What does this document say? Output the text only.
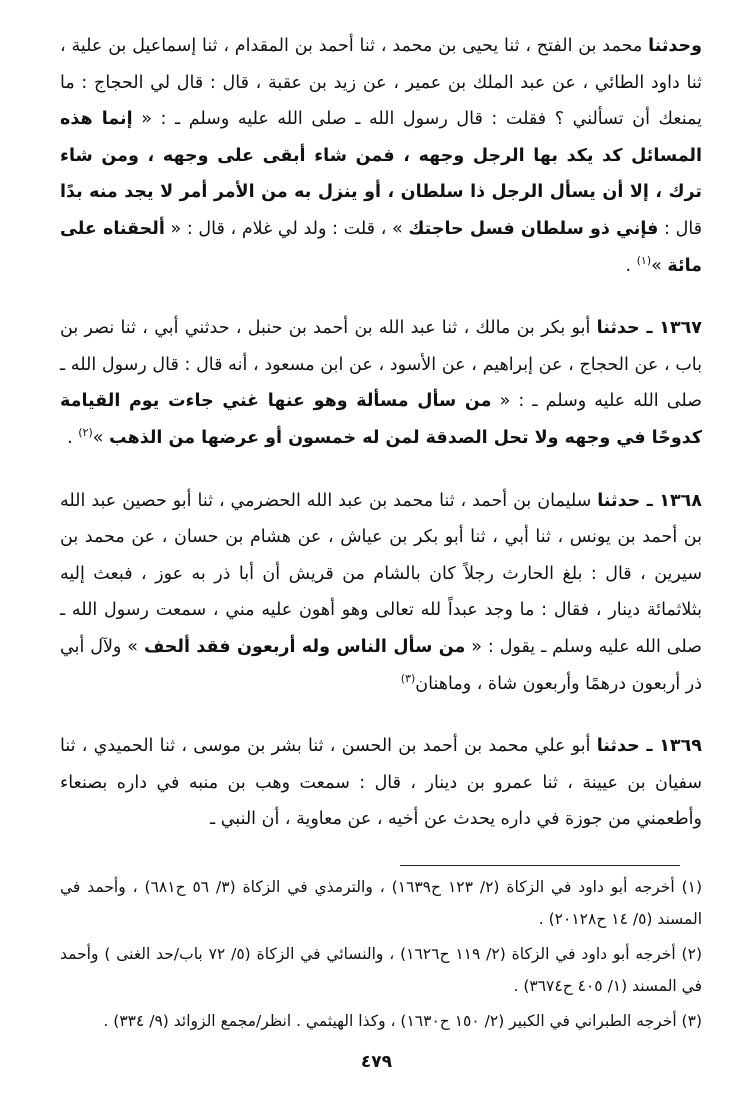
وحدثنا محمد بن الفتح ، ثنا يحيى بن محمد ، ثنا أحمد بن المقدام ، ثنا إسماعيل بن علية ، ثنا داود الطائي ، عن عبد الملك بن عمير ، عن زيد بن عقبة ، قال : قال لي الحجاج : ما يمنعك أن تسألني ؟ فقلت : قال رسول الله ـ صلى الله عليه وسلم ـ : « إنما هذه المسائل كد يكد بها الرجل وجهه ، فمن شاء أبقى على وجهه ، ومن شاء ترك ، إلا أن يسأل الرجل ذا سلطان ، أو ينزل به من الأمر أمر لا يجد منه بدًا قال : فإني ذو سلطان فسل حاجتك » ، قلت : ولد لي غلام ، قال : « ألحقناه على مائة »$^{(١)}$ .

١٣٦٧ ـ حدثنا أبو بكر بن مالك ، ثنا عبد الله بن أحمد بن حنبل ، حدثني أبي ، ثنا نصر بن باب ، عن الحجاج ، عن إبراهيم ، عن الأسود ، عن ابن مسعود ، أنه قال : قال رسول الله ـ صلى الله عليه وسلم ـ : « من سأل مسألة وهو عنها غني جاءت يوم القيامة كدوحًا في وجهه ولا تحل الصدقة لمن له خمسون أو عرضها من الذهب »$^{(٢)}$ .

١٣٦٨ ـ حدثنا سليمان بن أحمد ، ثنا محمد بن عبد الله الحضرمي ، ثنا أبو حصين عبد الله بن أحمد بن يونس ، ثنا أبي ، ثنا أبو بكر بن عياش ، عن هشام بن حسان ، عن محمد بن سيرين ، قال : بلغ الحارث رجلاً كان بالشام من قريش أن أبا ذر به عوز ، فبعث إليه بثلاثمائة دينار ، فقال : ما وجد عبداً لله تعالى وهو أهون عليه مني ، سمعت رسول الله ـ صلى الله عليه وسلم ـ يقول : « من سأل الناس وله أربعون فقد ألحف » ولآل أبي ذر أربعون درهمًا وأربعون شاة ، وماهنان$^{(٣)}$

١٣٦٩ ـ حدثنا أبو علي محمد بن أحمد بن الحسن ، ثنا بشر بن موسى ، ثنا الحميدي ، ثنا سفيان بن عيينة ، ثنا عمرو بن دينار ، قال : سمعت وهب بن منبه في داره بصنعاء وأطعمني من جوزة في داره يحدث عن أخيه ، عن معاوية ، أن النبي ـ

(١) أخرجه أبو داود في الزكاة (٢/ ١٢٣ ح١٦٣٩) ، والترمذي في الزكاة (٣/ ٥٦ ح٦٨١) ، وأحمد في المسند (٥/ ١٤ ح٢٠١٢٨) .

(٢) أخرجه أبو داود في الزكاة (٢/ ١١٩ ح١٦٢٦) ، والنسائي في الزكاة (٥/ ٧٢ باب/حد الغنى ) وأحمد في المسند (١/ ٤٠٥ ح٣٦٧٤) .

(٣) أخرجه الطبراني في الكبير (٢/ ١٥٠ ح١٦٣٠) ، وكذا الهيثمي . انظر/مجمع الزوائد (٩/ ٣٣٤) .

٤٧٩
